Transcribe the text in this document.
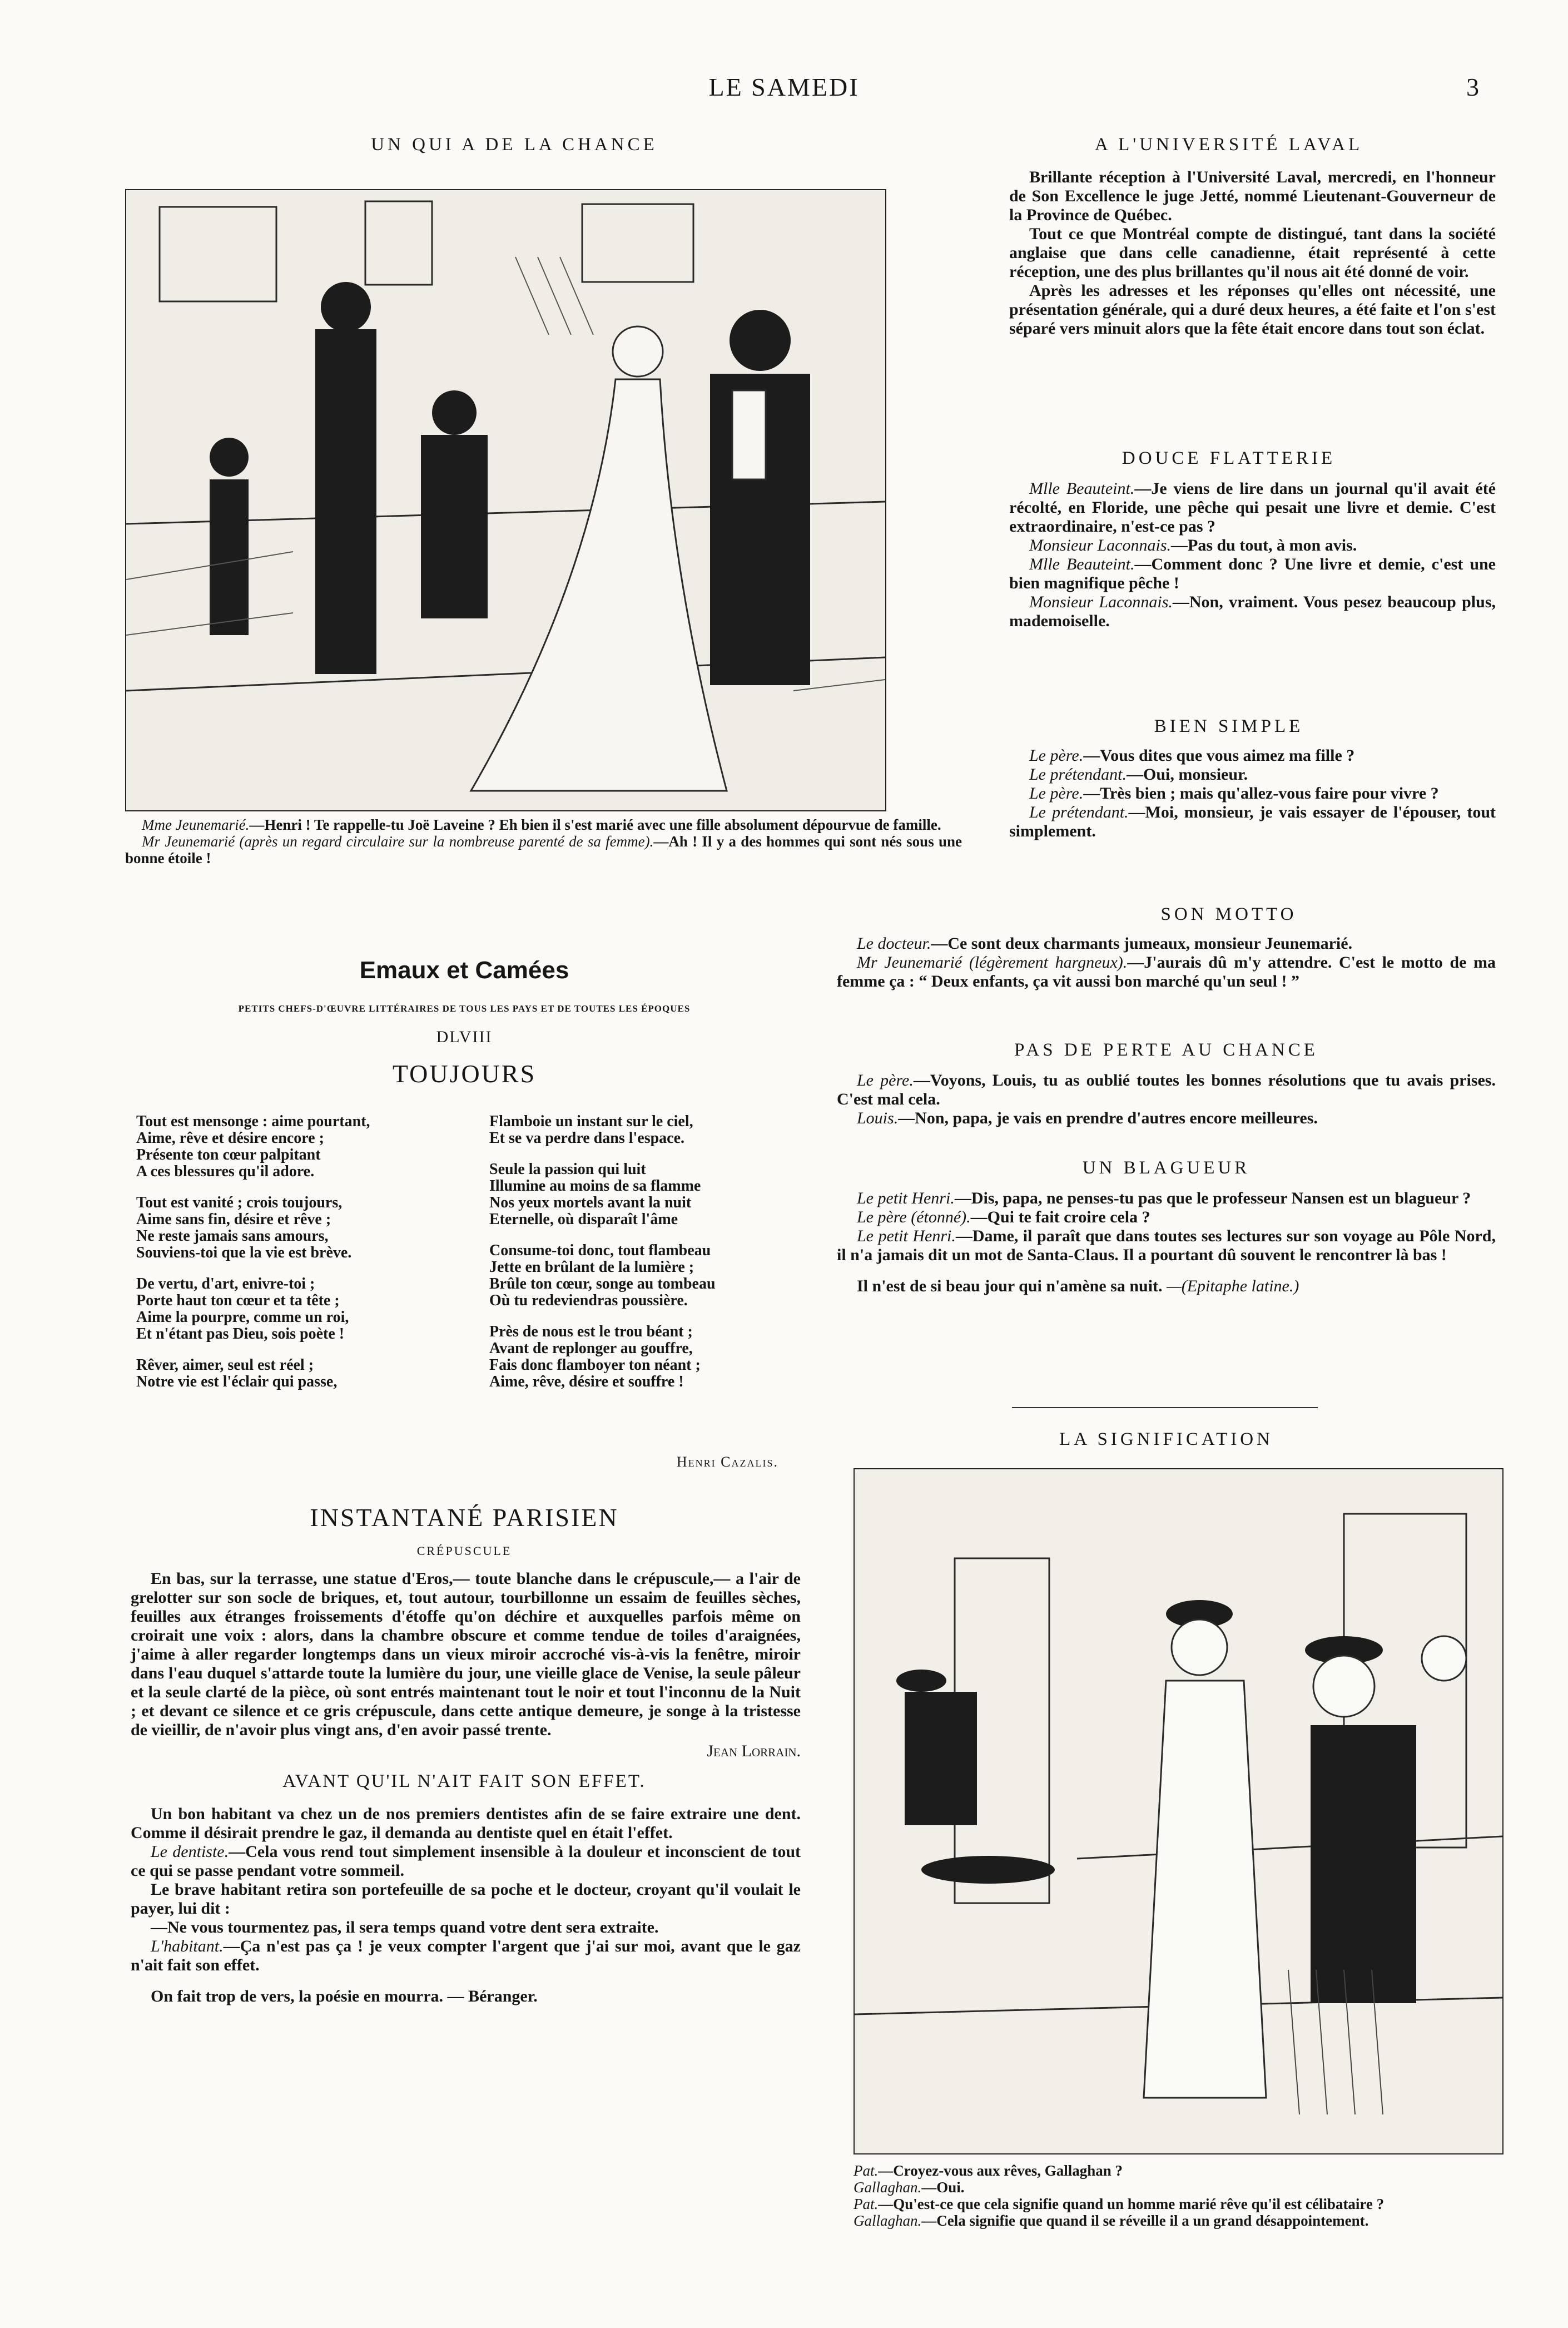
LE SAMEDI	3
UN QUI A DE LA CHANCE

Mme Jeunemarié.—Henri ! Te rappelle-tu Joë Laveine ? Eh bien il s'est marié avec une fille absolument dépourvue de famille.

Mr Jeunemarié (après un regard circulaire sur la nombreuse parenté de sa femme).—Ah ! Il y a des hommes qui sont nés sous une bonne étoile !

A L'UNIVERSITÉ LAVAL

Brillante réception à l'Université Laval, mercredi, en l'honneur de Son Excellence le juge Jetté, nommé Lieutenant-Gouverneur de la Province de Québec.

Tout ce que Montréal compte de distingué, tant dans la société anglaise que dans celle canadienne, était représenté à cette réception, une des plus brillantes qu'il nous ait été donné de voir.

Après les adresses et les réponses qu'elles ont nécessité, une présentation générale, qui a duré deux heures, a été faite et l'on s'est séparé vers minuit alors que la fête était encore dans tout son éclat.

DOUCE FLATTERIE

Mlle Beauteint.—Je viens de lire dans un journal qu'il avait été récolté, en Floride, une pêche qui pesait une livre et demie. C'est extraordinaire, n'est-ce pas ?

Monsieur Laconnais.—Pas du tout, à mon avis.

Mlle Beauteint.—Comment donc ? Une livre et demie, c'est une bien magnifique pêche !

Monsieur Laconnais.—Non, vraiment. Vous pesez beaucoup plus, mademoiselle.

BIEN SIMPLE

Le père.—Vous dites que vous aimez ma fille ?

Le prétendant.—Oui, monsieur.

Le père.—Très bien ; mais qu'allez-vous faire pour vivre ?

Le prétendant.—Moi, monsieur, je vais essayer de l'épouser, tout simplement.

SON MOTTO

Le docteur.—Ce sont deux charmants jumeaux, monsieur Jeunemarié.

Mr Jeunemarié (légèrement hargneux).—J'aurais dû m'y attendre. C'est le motto de ma femme ça : “ Deux enfants, ça vit aussi bon marché qu'un seul ! ”

PAS DE PERTE AU CHANCE

Le père.—Voyons, Louis, tu as oublié toutes les bonnes résolutions que tu avais prises. C'est mal cela.

Louis.—Non, papa, je vais en prendre d'autres encore meilleures.

UN BLAGUEUR

Le petit Henri.—Dis, papa, ne penses-tu pas que le professeur Nansen est un blagueur ?

Le père (étonné).—Qui te fait croire cela ?

Le petit Henri.—Dame, il paraît que dans toutes ses lectures sur son voyage au Pôle Nord, il n'a jamais dit un mot de Santa-Claus. Il a pourtant dû souvent le rencontrer là bas !

Il n'est de si beau jour qui n'amène sa nuit. —(Epitaphe latine.)

Emaux et Camées
PETITS CHEFS-D'ŒUVRE LITTÉRAIRES DE TOUS LES PAYS ET DE TOUTES LES ÉPOQUES
DLVIII
TOUJOURS
Tout est mensonge : aime pourtant,
Aime, rêve et désire encore ;
Présente ton cœur palpitant
A ces blessures qu'il adore.
Tout est vanité ; crois toujours,
Aime sans fin, désire et rêve ;
Ne reste jamais sans amours,
Souviens-toi que la vie est brève.
De vertu, d'art, enivre-toi ;
Porte haut ton cœur et ta tête ;
Aime la pourpre, comme un roi,
Et n'étant pas Dieu, sois poète !
Rêver, aimer, seul est réel ;
Notre vie est l'éclair qui passe,
Flamboie un instant sur le ciel,
Et se va perdre dans l'espace.
Seule la passion qui luit
Illumine au moins de sa flamme
Nos yeux mortels avant la nuit
Eternelle, où disparaît l'âme
Consume-toi donc, tout flambeau
Jette en brûlant de la lumière ;
Brûle ton cœur, songe au tombeau
Où tu redeviendras poussière.
Près de nous est le trou béant ;
Avant de replonger au gouffre,
Fais donc flamboyer ton néant ;
Aime, rêve, désire et souffre !
Henri Cazalis.
INSTANTANÉ PARISIEN
CRÉPUSCULE

En bas, sur la terrasse, une statue d'Eros,— toute blanche dans le crépuscule,— a l'air de grelotter sur son socle de briques, et, tout autour, tourbillonne un essaim de feuilles sèches, feuilles aux étranges froissements d'étoffe qu'on déchire et auxquelles parfois même on croirait une voix : alors, dans la chambre obscure et comme tendue de toiles d'araignées, j'aime à aller regarder longtemps dans un vieux miroir accroché vis-à-vis la fenêtre, miroir dans l'eau duquel s'attarde toute la lumière du jour, une vieille glace de Venise, la seule pâleur et la seule clarté de la pièce, où sont entrés maintenant tout le noir et tout l'inconnu de la Nuit ; et devant ce silence et ce gris crépuscule, dans cette antique demeure, je songe à la tristesse de vieillir, de n'avoir plus vingt ans, d'en avoir passé trente.

Jean Lorrain.
AVANT QU'IL N'AIT FAIT SON EFFET.

Un bon habitant va chez un de nos premiers dentistes afin de se faire extraire une dent. Comme il désirait prendre le gaz, il demanda au dentiste quel en était l'effet.

Le dentiste.—Cela vous rend tout simplement insensible à la douleur et inconscient de tout ce qui se passe pendant votre sommeil.

Le brave habitant retira son portefeuille de sa poche et le docteur, croyant qu'il voulait le payer, lui dit :

—Ne vous tourmentez pas, il sera temps quand votre dent sera extraite.

L'habitant.—Ça n'est pas ça ! je veux compter l'argent que j'ai sur moi, avant que le gaz n'ait fait son effet.

On fait trop de vers, la poésie en mourra. — Béranger.

LA SIGNIFICATION

Pat.—Croyez-vous aux rêves, Gallaghan ?

Gallaghan.—Oui.

Pat.—Qu'est-ce que cela signifie quand un homme marié rêve qu'il est célibataire ?

Gallaghan.—Cela signifie que quand il se réveille il a un grand désappointement.
